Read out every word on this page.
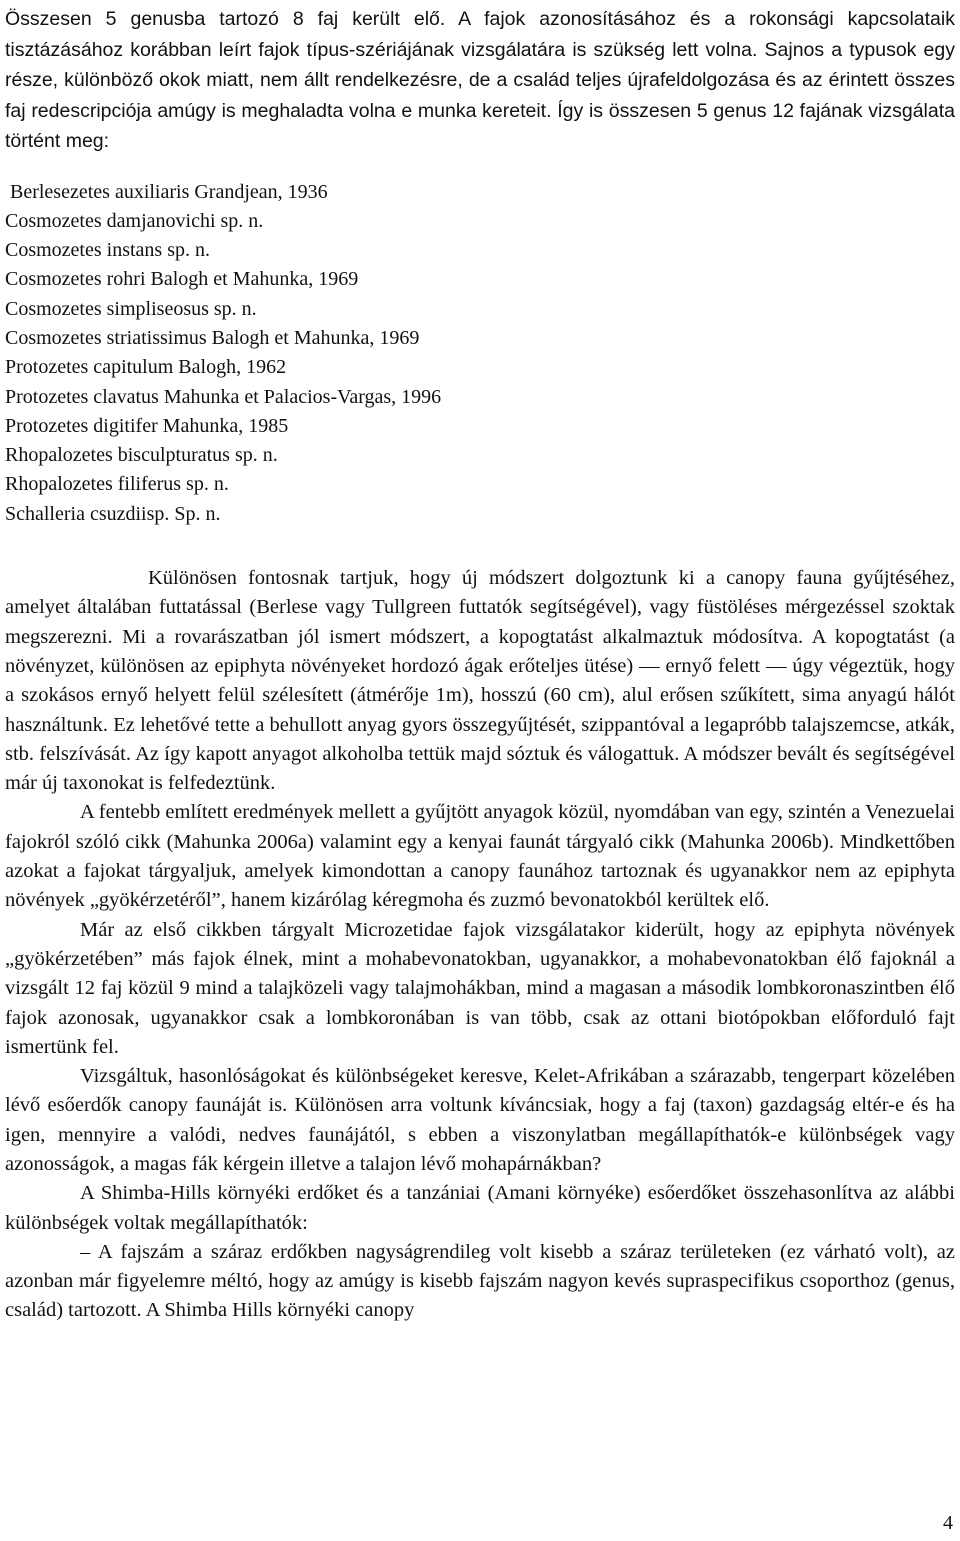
Összesen 5 genusba tartozó 8 faj került elő. A fajok azonosításához és a rokonsági kapcsolataik tisztázásához korábban leírt fajok típus-szériájának vizsgálatára is szükség lett volna. Sajnos a typusok egy része, különböző okok miatt, nem állt rendelkezésre, de a család teljes újrafeldolgozása és az érintett összes faj redescripciója amúgy is meghaladta volna e munka kereteit. Így is összesen 5 genus 12 fajának vizsgálata történt meg:

Berlesezetes auxiliaris Grandjean, 1936
Cosmozetes damjanovichi sp. n.
Cosmozetes instans sp. n.
Cosmozetes rohri Balogh et Mahunka, 1969
Cosmozetes simpliseosus sp. n.
Cosmozetes striatissimus Balogh et Mahunka, 1969
Protozetes capitulum Balogh, 1962
Protozetes clavatus Mahunka et Palacios-Vargas, 1996
Protozetes digitifer Mahunka, 1985
Rhopalozetes bisculpturatus sp. n.
Rhopalozetes filiferus sp. n.
Schalleria csuzdiisp. Sp. n.

Különösen fontosnak tartjuk, hogy új módszert dolgoztunk ki a canopy fauna gyűjtéséhez, amelyet általában futtatással (Berlese vagy Tullgreen futtatók segítségével), vagy füstöléses mérgezéssel szoktak megszerezni. Mi a rovarászatban jól ismert módszert, a kopogtatást alkalmaztuk módosítva. A kopogtatást (a növényzet, különösen az epiphyta növényeket hordozó ágak erőteljes ütése) — ernyő felett — úgy végeztük, hogy a szokásos ernyő helyett felül szélesített (átmérője 1m), hosszú (60 cm), alul erősen szűkített, sima anyagú hálót használtunk. Ez lehetővé tette a behullott anyag gyors összegyűjtését, szippantóval a legapróbb talajszemcse, atkák, stb. felszívását. Az így kapott anyagot alkoholba tettük majd sóztuk és válogattuk. A módszer bevált és segítségével már új taxonokat is felfedeztünk.

A fentebb említett eredmények mellett a gyűjtött anyagok közül, nyomdában van egy, szintén a Venezuelai fajokról szóló cikk (Mahunka 2006a) valamint egy a kenyai faunát tárgyaló cikk (Mahunka 2006b). Mindkettőben azokat a fajokat tárgyaljuk, amelyek kimondottan a canopy faunához tartoznak és ugyanakkor nem az epiphyta növények „gyökérzetéről”, hanem kizárólag kéregmoha és zuzmó bevonatokból kerültek elő.

Már az első cikkben tárgyalt Microzetidae fajok vizsgálatakor kiderült, hogy az epiphyta növények „gyökérzetében” más fajok élnek, mint a mohabevonatokban, ugyanakkor, a mohabevonatokban élő fajoknál a vizsgált 12 faj közül 9 mind a talajközeli vagy talajmohákban, mind a magasan a második lombkoronaszintben élő fajok azonosak, ugyanakkor csak a lombkoronában is van több, csak az ottani biotópokban előforduló fajt ismertünk fel.

Vizsgáltuk, hasonlóságokat és különbségeket keresve, Kelet-Afrikában a szárazabb, tengerpart közelében lévő esőerdők canopy faunáját is. Különösen arra voltunk kíváncsiak, hogy a faj (taxon) gazdagság eltér-e és ha igen, mennyire a valódi, nedves faunájától, s ebben a viszonylatban megállapíthatók-e különbségek vagy azonosságok, a magas fák kérgein illetve a talajon lévő mohapárnákban?

A Shimba-Hills környéki erdőket és a tanzániai (Amani környéke) esőerdőket összehasonlítva az alábbi különbségek voltak megállapíthatók:

– A fajszám a száraz erdőkben nagyságrendileg volt kisebb a száraz területeken (ez várható volt), az azonban már figyelemre méltó, hogy az amúgy is kisebb fajszám nagyon kevés supraspecifikus csoporthoz (genus, család) tartozott. A Shimba Hills környéki canopy

4
